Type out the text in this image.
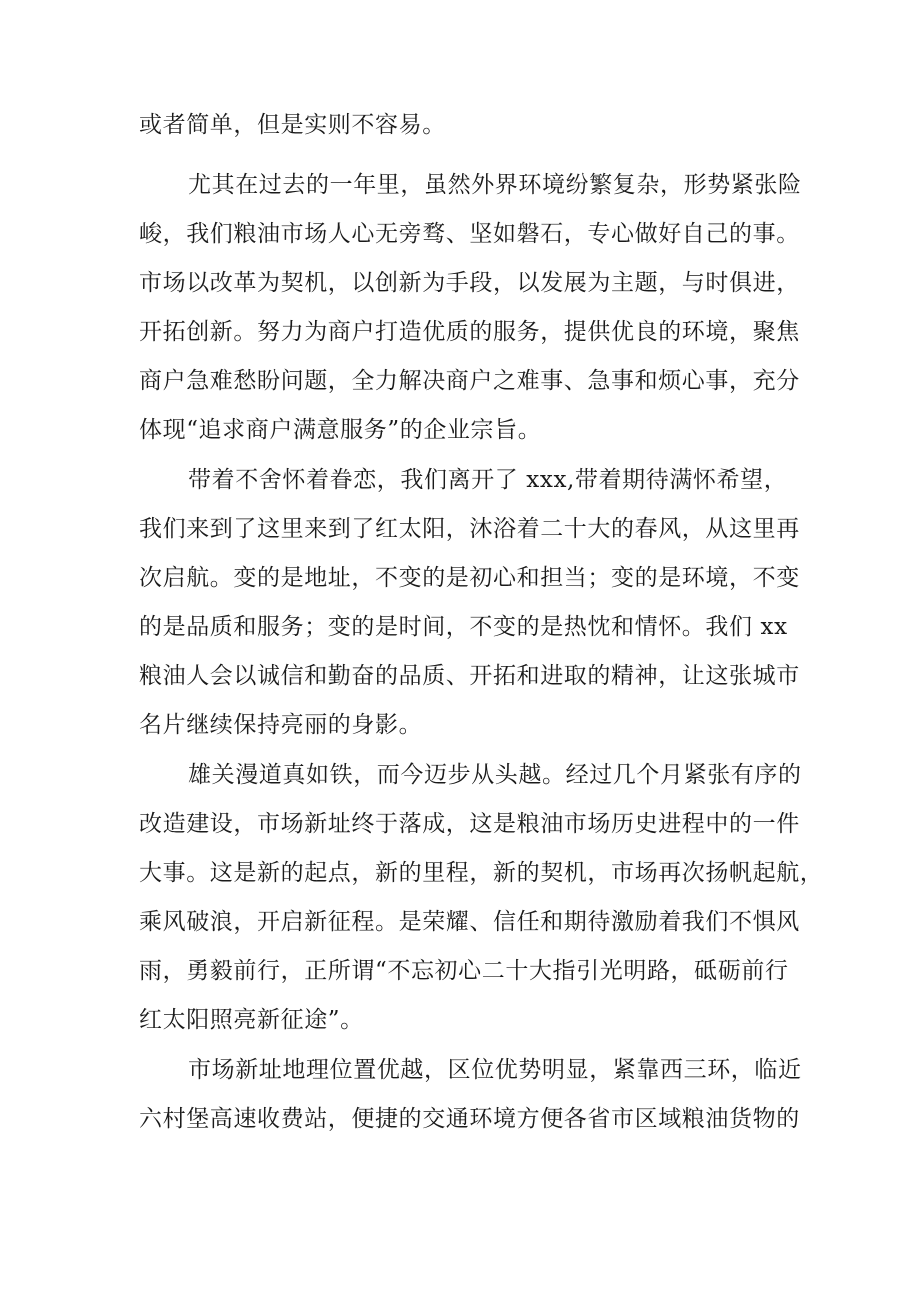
或者简单，但是实则不容易。
尤其在过去的一年里，虽然外界环境纷繁复杂，形势紧张险
峻，我们粮油市场人心无旁骛、坚如磐石，专心做好自己的事。
市场以改革为契机，以创新为手段，以发展为主题，与时俱进，
开拓创新。努力为商户打造优质的服务，提供优良的环境，聚焦
商户急难愁盼问题，全力解决商户之难事、急事和烦心事，充分
体现“追求商户满意服务”的企业宗旨。
带着不舍怀着眷恋，我们离开了 xxx,带着期待满怀希望，
我们来到了这里来到了红太阳，沐浴着二十大的春风，从这里再
次启航。变的是地址，不变的是初心和担当；变的是环境，不变
的是品质和服务；变的是时间，不变的是热忱和情怀。我们 xx
粮油人会以诚信和勤奋的品质、开拓和进取的精神，让这张城市
名片继续保持亮丽的身影。
雄关漫道真如铁，而今迈步从头越。经过几个月紧张有序的
改造建设，市场新址终于落成，这是粮油市场历史进程中的一件
大事。这是新的起点，新的里程，新的契机，市场再次扬帆起航，
乘风破浪，开启新征程。是荣耀、信任和期待激励着我们不惧风
雨，勇毅前行，正所谓“不忘初心二十大指引光明路，砥砺前行
红太阳照亮新征途”。
市场新址地理位置优越，区位优势明显，紧靠西三环，临近
六村堡高速收费站，便捷的交通环境方便各省市区域粮油货物的
